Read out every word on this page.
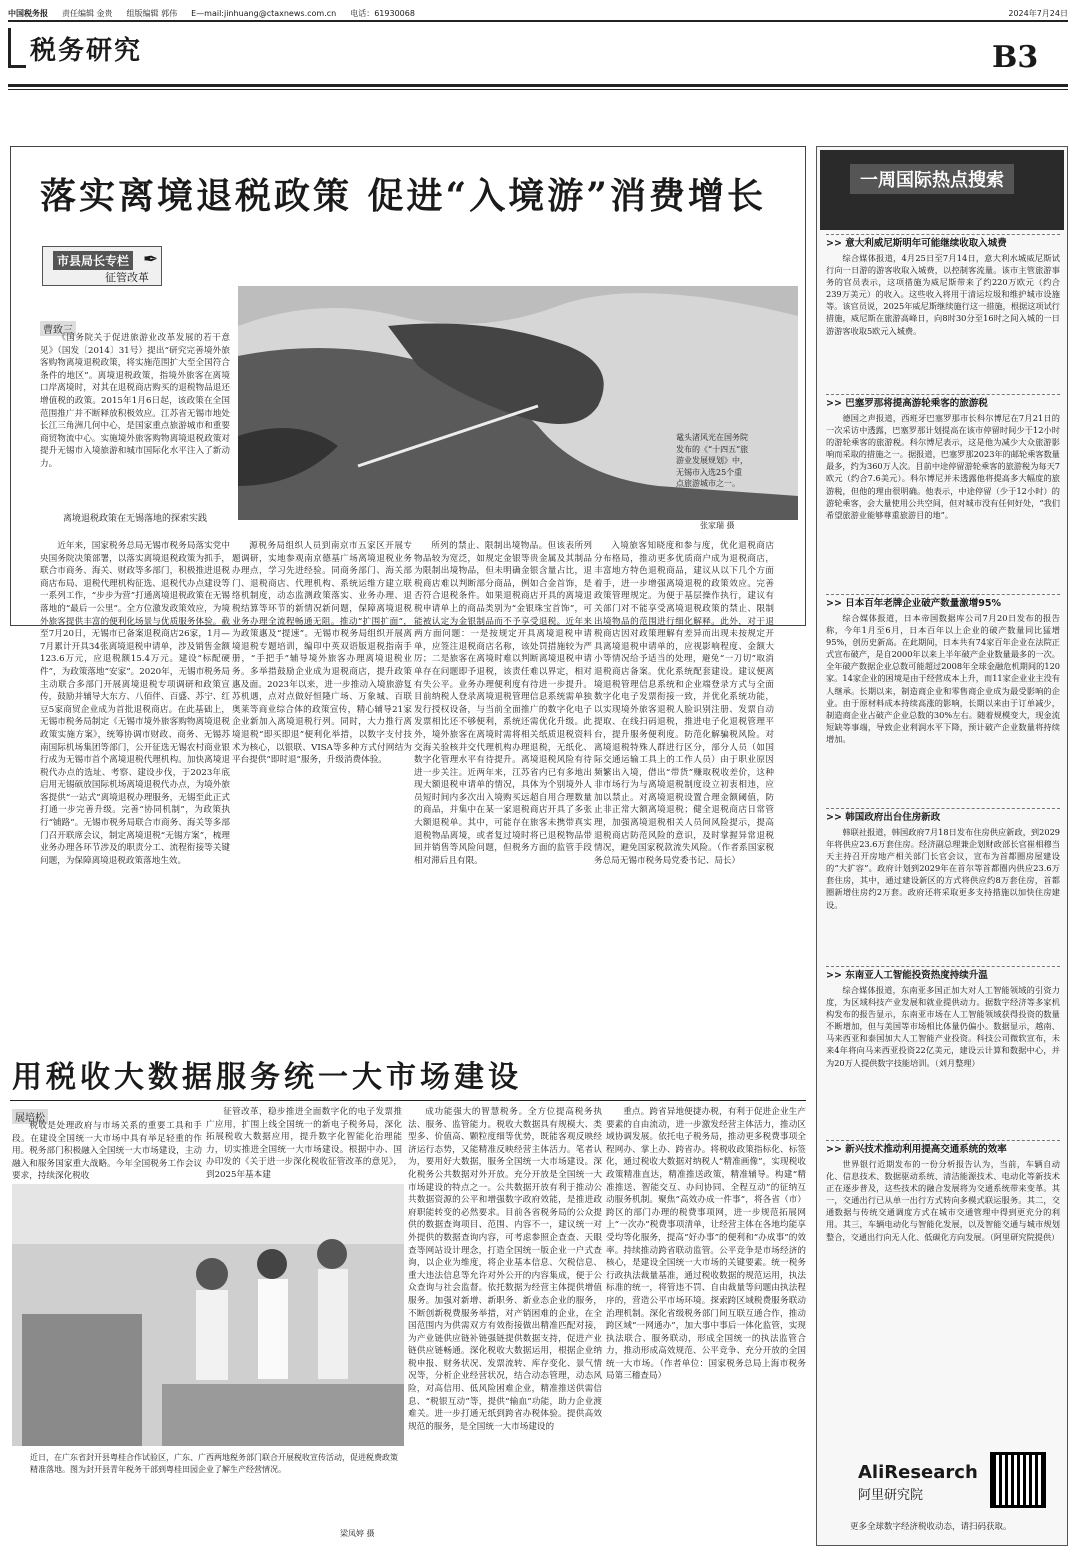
中国税务报 责任编辑 金贵 组版编辑 郭伟 E—mail:jinhuang@ctaxnews.com.cn 电话：61930068	2024年7月24日
税务研究	B3
落实离境退税政策 促进“入境游”消费增长
市县局长专栏
征管改革
✒
曹致三

《国务院关于促进旅游业改革发展的若干意见》（国发〔2014〕31号）提出“研究完善境外旅客购物离境退税政策，将实施范围扩大至全国符合条件的地区”。离境退税政策，指境外旅客在离境口岸离境时，对其在退税商店购买的退税物品退还增值税的政策。2015年1月6日起，该政策在全国范围推广并不断释放积极效应。江苏省无锡市地处长江三角洲几何中心，是国家重点旅游城市和重要商贸物流中心。实施境外旅客购物离境退税政策对提升无锡市入境旅游和城市国际化水平注入了新动力。

离境退税政策在无锡落地的探索实践
鼋头渚风光在国务院发布的《“十四五”旅游业发展规划》中，无锡市入选25个重点旅游城市之一。
张家瑞 摄

近年来，国家税务总局无锡市税务局落实党中央国务院决策部署，以落实离境退税政策为抓手，联合市商务、海关、财政等多部门，积极推进退税商店布局、退税代理机构征选、退税代办点建设等一系列工作，“步步为营”打通离境退税政策在无锡落地的“最后一公里”。全方位激发政策效应，为境外旅客提供丰富的便利化场景与优质服务体验。截至7月20日，无锡市已备案退税商店26家，1月—7月累计开具34张离境退税申请单，涉及销售金额123.6万元，应退税额15.4万元。建设“标配硬件”，为政策落地“安家”。2020年，无锡市税务局主动联合多部门开展离境退税专项调研和政策宣传，鼓励并辅导大东方、八佰伴、百盛、苏宁、红豆5家商贸企业成为首批退税商店。在此基础上，无锡市税务局制定《无锡市境外旅客购物离境退税政策实施方案》，统筹协调市财政、商务、无锡苏南国际机场集团等部门，公开征选无锡农村商业银行成为无锡市首个离境退税代理机构。加快离境退税代办点的选址、考察、建设步伐，于2023年底启用无锡硕放国际机场离境退税代办点，为境外旅客提供“一站式”离境退税办理服务，无锡至此正式打通一步完善升级。完善“协同机制”，为政策执行“铺路”。无锡市税务局联合市商务、海关等多部门召开联席会议，制定离境退税“无锡方案”，梳理业务办理各环节涉及的职责分工、流程衔接等关键问题，为保障离境退税政策落地生效。

源税务局组织人员到南京市五家区开展专题调研，实地参观南京德基广场离境退税业务办理点，学习先进经验。同商务部门、海关部门、退税商店、代理机构、系统运维方建立联络机制度，动态监测政策落实、业务办理、退税结算等环节的新情况新问题，保障离境退税业务办理全流程畅通无阻。推动“扩围扩面”，为政策惠及“提速”。无锡市税务局组织开展离境退税专题培训，编印中英双语版退税指南手册，“手把手”辅导境外旅客办理离境退税业务。多举措鼓励企业成为退税商店，提升政策惠及面。2023年以来，进一步推动入境旅游复苏机遇，点对点做好恒隆广场、万象城、百联奥莱等商业综合体的政策宣传，精心辅导21家企业新加入离境退税行列。同时，大力推行离境退税“即买即退”便利化举措，以数字支付技术为核心，以银联、VISA等多种方式付网结为平台提供“即时退”服务，升级消费体验。

所列的禁止、限制出境物品。但该表所列物品较为宽泛，如规定金银等贵金属及其制品为限制出境物品，但未明确金银含量占比，退税商店难以判断部分商品，例如合金首饰，是否符合退税条件。如果退税商店开具的离境退税申请单上的商品类别为“金银珠宝首饰”，可能被认定为金银制品而不予享受退税。近年来两方面问题：一是按规定开具离境退税申请单，应签注退税商店名称，该处罚措施较为严厉；二是旅客在离境时难以判断离境退税申请单存在问题即予退税，该责任难以界定，相对有失公平。业务办理便利度有待进一步提升。目前纳税人登录离境退税管理信息系统需单独发行授权设备，与当前全面推广的数字化电子发票相比还不够便利，系统还需优化升级。此外，境外旅客在离境时需将相关纸质退税资料交海关验核并交代理机构办理退税，无纸化、数字化管理水平有待提升。离境退税风险有待进一步关注。近两年来，江苏省内已有多地出现大额退税申请单的情况，具体为个别境外人员短时间内多次出入境购买远超自用合理数量的商品，并集中在某一家退税商店开具了多张大额退税单。其中，可能存在旅客未携带真实退税物品离境，或者复过境时将已退税物品带回并销售等风险问题，但税务方面的监管手段相对滞后且有限。

入境旅客知晓度和参与度，优化退税商店分布格局，推动更多优质商户成为退税商店，丰富地方特色退税商品，建议从以下几个方面着手，进一步增强离境退税的政策效应。完善政策管理规定。为便于基层操作执行，建议有关部门对不能享受离境退税政策的禁止、限制出境物品的范围进行细化解释。此外，对于退税商店因对政策理解有差异而出现未按规定开具离境退税申请单的，应视影响程度、金额大小等情况给予适当的处理，避免“一刀切”取消退税商店备案。优化系统配套建设。建议便离境退税管理信息系统和企业端登录方式与全面数字化电子发票衔接一致，并优化系统功能，以实现境外旅客退税人脸识别注册、发票自动提取、在线扫码退税，推进电子化退税管理平台，提升服务便利度。防范化解骗税风险。对离境退税特殊人群进行区分，部分人员（如国际交通运输工具上的工作人员）由于职业原因频繁出入境，借出“带货”赚取税收差价，这种非市场行为与离境退税制度设立初衷相违，应加以禁止。对离境退税设置合理金额阈值，防止非正常大额离境退税；健全退税商店日常管理，加强离境退税相关人员间风险提示，提高退税商店防范风险的意识，及时掌握异常退税情况，避免国家税款流失风险。（作者系国家税务总局无锡市税务局党委书记、局长）

用税收大数据服务统一大市场建设
展培松

税收是处理政府与市场关系的重要工具和手段。在建设全国统一大市场中具有举足轻重的作用。税务部门积极融入全国统一大市场建设，主动融入和服务国家重大战略。今年全国税务工作会议要求，持续深化税收

征管改革，稳步推进全面数字化的电子发票推广应用，扩围上线全国统一的新电子税务局，深化拓展税收大数据应用，提升数字化智能化治理能力，切实推进全国统一大市场建设。根据中办、国办印发的《关于进一步深化税收征管改革的意见》，到2025年基本建

成功能强大的智慧税务。全方位提高税务执法、服务、监管能力。税收大数据具有规模大、类型多、价值高、颗粒度细等优势，既能客观反映经济运行态势，又能精准反映经营主体活力。笔者认为，要用好大数据，服务全国统一大市场建设。深化税务公共数据对外开放。充分开放是全国统一大市场建设的特点之一。公共数据开放有利于推动公共数据资源的公平和增强数字政府效能，是推进政府职能转变的必然要求。目前各省税务局的公众提供的数据查询项目、范围、内容不一，建议统一对外提供的数据查询内容，可考虑参照企查查、天眼查等网站设计理念，打造全国统一版企业一户式查询，以企业为维度，将企业基本信息、欠税信息、重大违法信息等允许对外公开的内容集成，便于公众查询与社会监督。依托数据为经营主体提供增值服务。加强对新增、新职务、新业态企业的服务，不断创新税费服务举措，对产销困难的企业，在全国范围内为供需双方有效衔接做出精准匹配对接，为产业链供应链补链强链提供数据支持，促进产业链供应链畅通。深化税收大数据运用，根据企业纳税申报、财务状况、发票流转、库存变化、景气情况等，分析企业经营状况，结合动态管理，动态风险，对高信用、低风险困难企业，精准推送供需信息、“税银互动”等，提供“输血”功能，助力企业渡难关。进一步打通无纸到跨省办税体验。提供高效规范的服务，是全国统一大市场建设的

重点。跨省异地便捷办税，有利于促进企业生产要素的自由流动，进一步激发经营主体活力，推动区域协调发展。依托电子税务局，推动更多税费事项全程网办、掌上办、跨省办。将税收政策指标化、标签化，通过税收大数据对纳税人“精准画像”，实现税收政策精准直达，精准推送政策，精准辅导。构建“精准推送、智能交互、办问协同、全程互动”的征纳互动服务机制。聚焦“高效办成一件事”，将各省（市）跨区的部门办理的税费事项网，进一步规范拓展网上“一次办”税费事项清单，让经营主体在各地均能享受均等化服务，提高“好办事”的便利和“办成事”的效率。持续推动跨省联动监管。公平竞争是市场经济的核心，是建设全国统一大市场的关键要素。统一税务行政执法裁量基准，通过税收数据的规范运用，执法标准的统一，将管违不罚、自由裁量等问题由执法程序的，营造公平市场环境。探索跨区域税费服务联动治理机制。深化省级税务部门间互联互通合作，推动跨区域“一网通办”，加大事中事后一体化监管，实现执法联合、服务联动，形成全国统一的执法监管合力，推动形成高效规范、公平竞争、充分开放的全国统一大市场。（作者单位：国家税务总局上海市税务局第三稽查局）

近日，在广东省封开县粤桂合作试验区，广东、广西两地税务部门联合开展税收宣传活动，促进税费政策精准落地。图为封开县青年税务干部到粤桂田园企业了解生产经营情况。
梁凤婷 摄
一周国际热点搜索
>> 意大利威尼斯明年可能继续收取入城费
综合媒体报道，4月25日至7月14日，意大利水城威尼斯试行向一日游的游客收取入城费，以控制客流量。该市主管旅游事务的官员表示，这项措施为威尼斯带来了约220万欧元（约合239万美元）的收入。这些收入将用于清运垃圾和维护城市设施等。该官员说，2025年威尼斯继续施行这一措施，根据这项试行措施，威尼斯在旅游高峰日，向8时30分至16时之间入城的一日游游客收取5欧元入城费。
>> 巴塞罗那将提高游轮乘客的旅游税
德国之声报道，西班牙巴塞罗那市长科尔博尼在7月21日的一次采访中透露，巴塞罗那计划提高在该市停留时间少于12小时的游轮乘客的旅游税。科尔博尼表示，这是他为减少大众旅游影响而采取的措施之一。据报道，巴塞罗那2023年的邮轮乘客数量最多，约为360万人次。目前中途停留游轮乘客的旅游税为每天7欧元（约合7.6美元）。科尔博尼并未透露他将提高多大幅度的旅游税，但他的理由很明确。他表示，中途停留（少于12小时）的游轮乘客，会大量使用公共空间，但对城市没有任何好处，“我们希望旅游业能够尊重旅游目的地”。
>> 日本百年老牌企业破产数量激增95%
综合媒体报道，日本帝国数据库公司7月20日发布的报告称，今年1月至6月，日本百年以上企业的破产数量同比猛增95%，创历史新高。在此期间，日本共有74家百年企业在法院正式宣布破产，是自2000年以来上半年破产企业数量最多的一次。全年破产数据企业总数可能超过2008年全球金融危机期间的120家。14家企业的困境是由于经营成本上升，而11家企业业主没有人继承。长期以来，制造商企业和零售商企业成为最受影响的企业。由于原材料成本持续高涨的影响，长期以来由于订单减少，制造商企业占破产企业总数的30%左右。随着规模变大，现金流短缺等事端，导致企业利润水平下降，预计破产企业数量将持续增加。
>> 韩国政府出台住房新政
韩联社报道，韩国政府7月18日发布住房供应新政，到2029年将供应23.6万套住房。经济副总理兼企划财政部长官崔相穆当天主持召开房地产相关部门长官会议，宣布为首都圈房屋建设的“大扩容”。政府计划到2029年在首尔等首都圈内供应23.6万套住房，其中，通过建设新区的方式将供应约8万套住房，首都圈新增住房约2万套。政府还将采取更多支持措施以加快住房建设。
>> 东南亚人工智能投资热度持续升温
综合媒体报道，东南亚多国正加大对人工智能领域的引资力度，为区域科技产业发展和就业提供动力。据数字经济等多家机构发布的报告显示，东南亚市场在人工智能领域获得投资的数量不断增加，但与美国等市场相比体量仍偏小。数据显示，越南、马来西亚和泰国加大人工智能产业投资。科技公司微软宣布，未来4年将向马来西亚投资22亿美元，建设云计算和数据中心，并为20万人提供数字技能培训。（刘月整理）
>> 新兴技术推动利用提高交通系统的效率
世界银行近期发布的一份分析报告认为，当前，车辆自动化、信息技术、数据驱动系统、清洁能源技术、电动化等新技术正在逐步普及，这些技术的融合发展将为交通系统带来变革。其一，交通出行已从单一出行方式转向多模式联运服务。其二，交通数据与传统交通调度方式在城市交通管理中得到更充分的利用。其三，车辆电动化与智能化发展，以及智能交通与城市规划整合，交通出行向无人化、低碳化方向发展。（阿里研究院提供）
AliResearch
阿里研究院
更多全球数字经济税收动态，请扫码获取。
